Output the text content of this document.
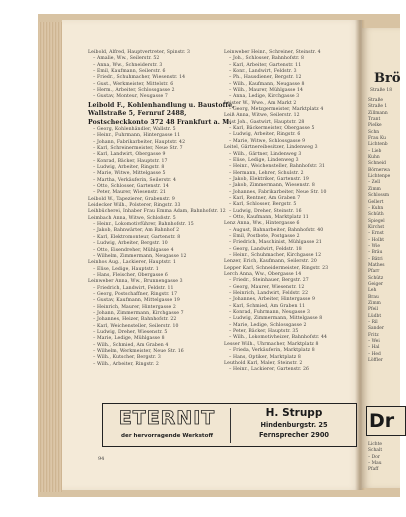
Leibold, Alfred, Hauptvertreter, Spinstr. 3
– Amalie, Ww., Seilerstr. 52
– Anna, Ww., Schneiderstr. 3
– Emil, Kaufmann, Seilerstr. 6
– Friedr., Schuhmacher, Wiesenstr. 14
– Gust., Werkmeister, Mittelstr. 6
– Herm., Arbeiter, Schlossgasse 2
– Gustav, Monteur, Neugasse 7
Leibold F., Kohlenhandlung u. Baustoffe,
Wallstraße 5, Fernruf 2488,
Postscheckkonto 372 48 Frankfurt a. M.
– Georg, Kohlenhändler, Wallstr. 5
– Heinr., Fuhrmann, Hintergasse 11
– Johann, Fabrikarbeiter, Hauptstr. 42
– Karl, Schreinermeister, Neue Str. 7
– Karl, Landwirt, Obergasse 9
– Konrad, Bäcker, Hauptstr. 17
– Ludwig, Arbeiter, Ringstr. 8
– Marie, Witwe, Mittelgasse 5
– Martha, Verkäuferin, Seilerstr. 4
– Otto, Schlosser, Gartenstr. 14
– Peter, Maurer, Wiesenstr. 21
Leibold W., Tapezierer, Grabenstr. 9
Leidecker Wilh., Polsterer, Ringstr. 33
Leihbücherei, Inhaber Frau Emma Adam, Bahnhofstr. 12
Leimbach Anna, Witwe, Schloßstr. 5
– Heinr., Lokomotivführer, Bahnhofstr. 15
– Jakob, Bahnwärter, Am Bahnhof 2
– Karl, Elektromonteur, Gartenstr. 8
– Ludwig, Arbeiter, Bergstr. 10
– Otto, Eisendreher, Mühlgasse 4
– Wilhelm, Zimmermann, Neugasse 12
Leinhos Aug., Lackierer, Hauptstr. 1
– Elise, Ledige, Hauptstr. 1
– Hans, Fleischer, Obergasse 6
Leinweber Anna, Ww., Brunnengasse 3
– Friedrich, Landwirt, Feldstr. 11
– Georg, Postschaffner, Ringstr. 17
– Gustav, Kaufmann, Mittelgasse 19
– Heinrich, Maurer, Hintergasse 2
– Johann, Zimmermann, Kirchgasse 7
– Johannes, Heizer, Bahnhofstr. 22
– Karl, Weichensteller, Seilerstr. 10
– Ludwig, Dreher, Wiesenstr. 5
– Marie, Ledige, Mühlgasse 8
– Wilh., Schmied, Am Graben 4
– Wilhelm, Werkmeister, Neue Str. 16
– Wilh., Kutscher, Bergstr. 3
– Wilh., Arbeiter, Ringstr. 2
Leinweber Heinr., Schreiner, Steinstr. 4
– Joh., Schlosser, Bahnhofstr. 8
– Karl, Arbeiter, Gartenstr. 11
– Konr., Landwirt, Feldstr. 3
– Ph., Hausdiener, Bergstr. 12
– Wilh., Kaufmann, Neugasse 8
– Wilh., Maurer, Mühlgasse 14
– Anna, Ledige, Kirchgasse 3
Leister W., Wwe., Am Markt 2
– Georg, Metzgermeister, Marktplatz 4
Leiß Anna, Witwe, Seilerstr. 12
Leist Joh., Gastwirt, Hauptstr. 28
– Karl, Bäckermeister, Obergasse 5
– Ludwig, Arbeiter, Ringstr. 6
– Marie, Witwe, Schlossgasse 9
Leitel, Gärtnereibesitzer, Lindenweg 3
– Wilh., Gärtner, Lindenweg 3
– Elise, Ledige, Lindenweg 3
– Heinr., Weichensteller, Bahnhofstr. 31
– Hermann, Lehrer, Schulstr. 2
– Jakob, Elektriker, Gartenstr. 19
– Jakob, Zimmermann, Wiesenstr. 8
– Johannes, Fabrikarbeiter, Neue Str. 10
– Karl, Rentner, Am Graben 7
– Karl, Schlosser, Bergstr. 5
– Ludwig, Dreher, Steinstr. 16
– Otto, Kaufmann, Marktplatz 11
Lenz Anna, Ww., Hintergasse 6
– August, Bahnarbeiter, Bahnhofstr. 40
– Emil, Postbote, Postgasse 2
– Friedrich, Maschinist, Mühlgasse 21
– Georg, Landwirt, Feldstr. 18
– Heinr., Schuhmacher, Kirchgasse 12
Lenzer, Erich, Kaufmann, Seilerstr. 20
Lepper Karl, Schneidermeister, Ringstr. 23
Lerch Anna, Ww., Obergasse 14
– Friedr., Steinhauer, Bergstr. 27
– Georg, Maurer, Wiesenstr. 12
– Heinrich, Landwirt, Feldstr. 22
– Johannes, Arbeiter, Hintergasse 9
– Karl, Schmied, Am Graben 11
– Konrad, Fuhrmann, Neugasse 3
– Ludwig, Zimmermann, Mittelgasse 8
– Marie, Ledige, Schlossgasse 2
– Peter, Bäcker, Hauptstr. 35
– Wilh., Lokomotivheizer, Bahnhofstr. 44
Lesser Wilh., Uhrmacher, Marktplatz 8
– Frieda, Verkäuferin, Marktplatz 8
– Hans, Optiker, Marktplatz 8
Leuthold Karl, Maler, Steinstr. 2
– Heinr., Lackierer, Gartenstr. 26
ETERNIT
der hervorragende Werkstoff
H. Strupp
Hindenburgstr. 25
Fernsprecher 2900
94
Brö
Straße 18
Straße
Straße 1
Zillmann
Trant
Pielke
Schn
Frau Ku
Lichtenb
– Lieb
Kuhn
Schneid
Börnerwa
Lichtenpe
– Zell
Zimm
Schlossm
Gellert
– Kuhn
Schüth
Spiegel
Kirchst
– Ernst
– Holbt
– Wie
– Bräu
– Bätri
Mathes
Pfarr
Schütz
Geiger
Leh
Brau
Zimm
Pfeil
Lüdbt
– Ril
Sander
Fritz
– Wei
– Hal
– Hed
Löffler
Dr
Lichte
Schalt
– Dor
– Mau
Pfaff
